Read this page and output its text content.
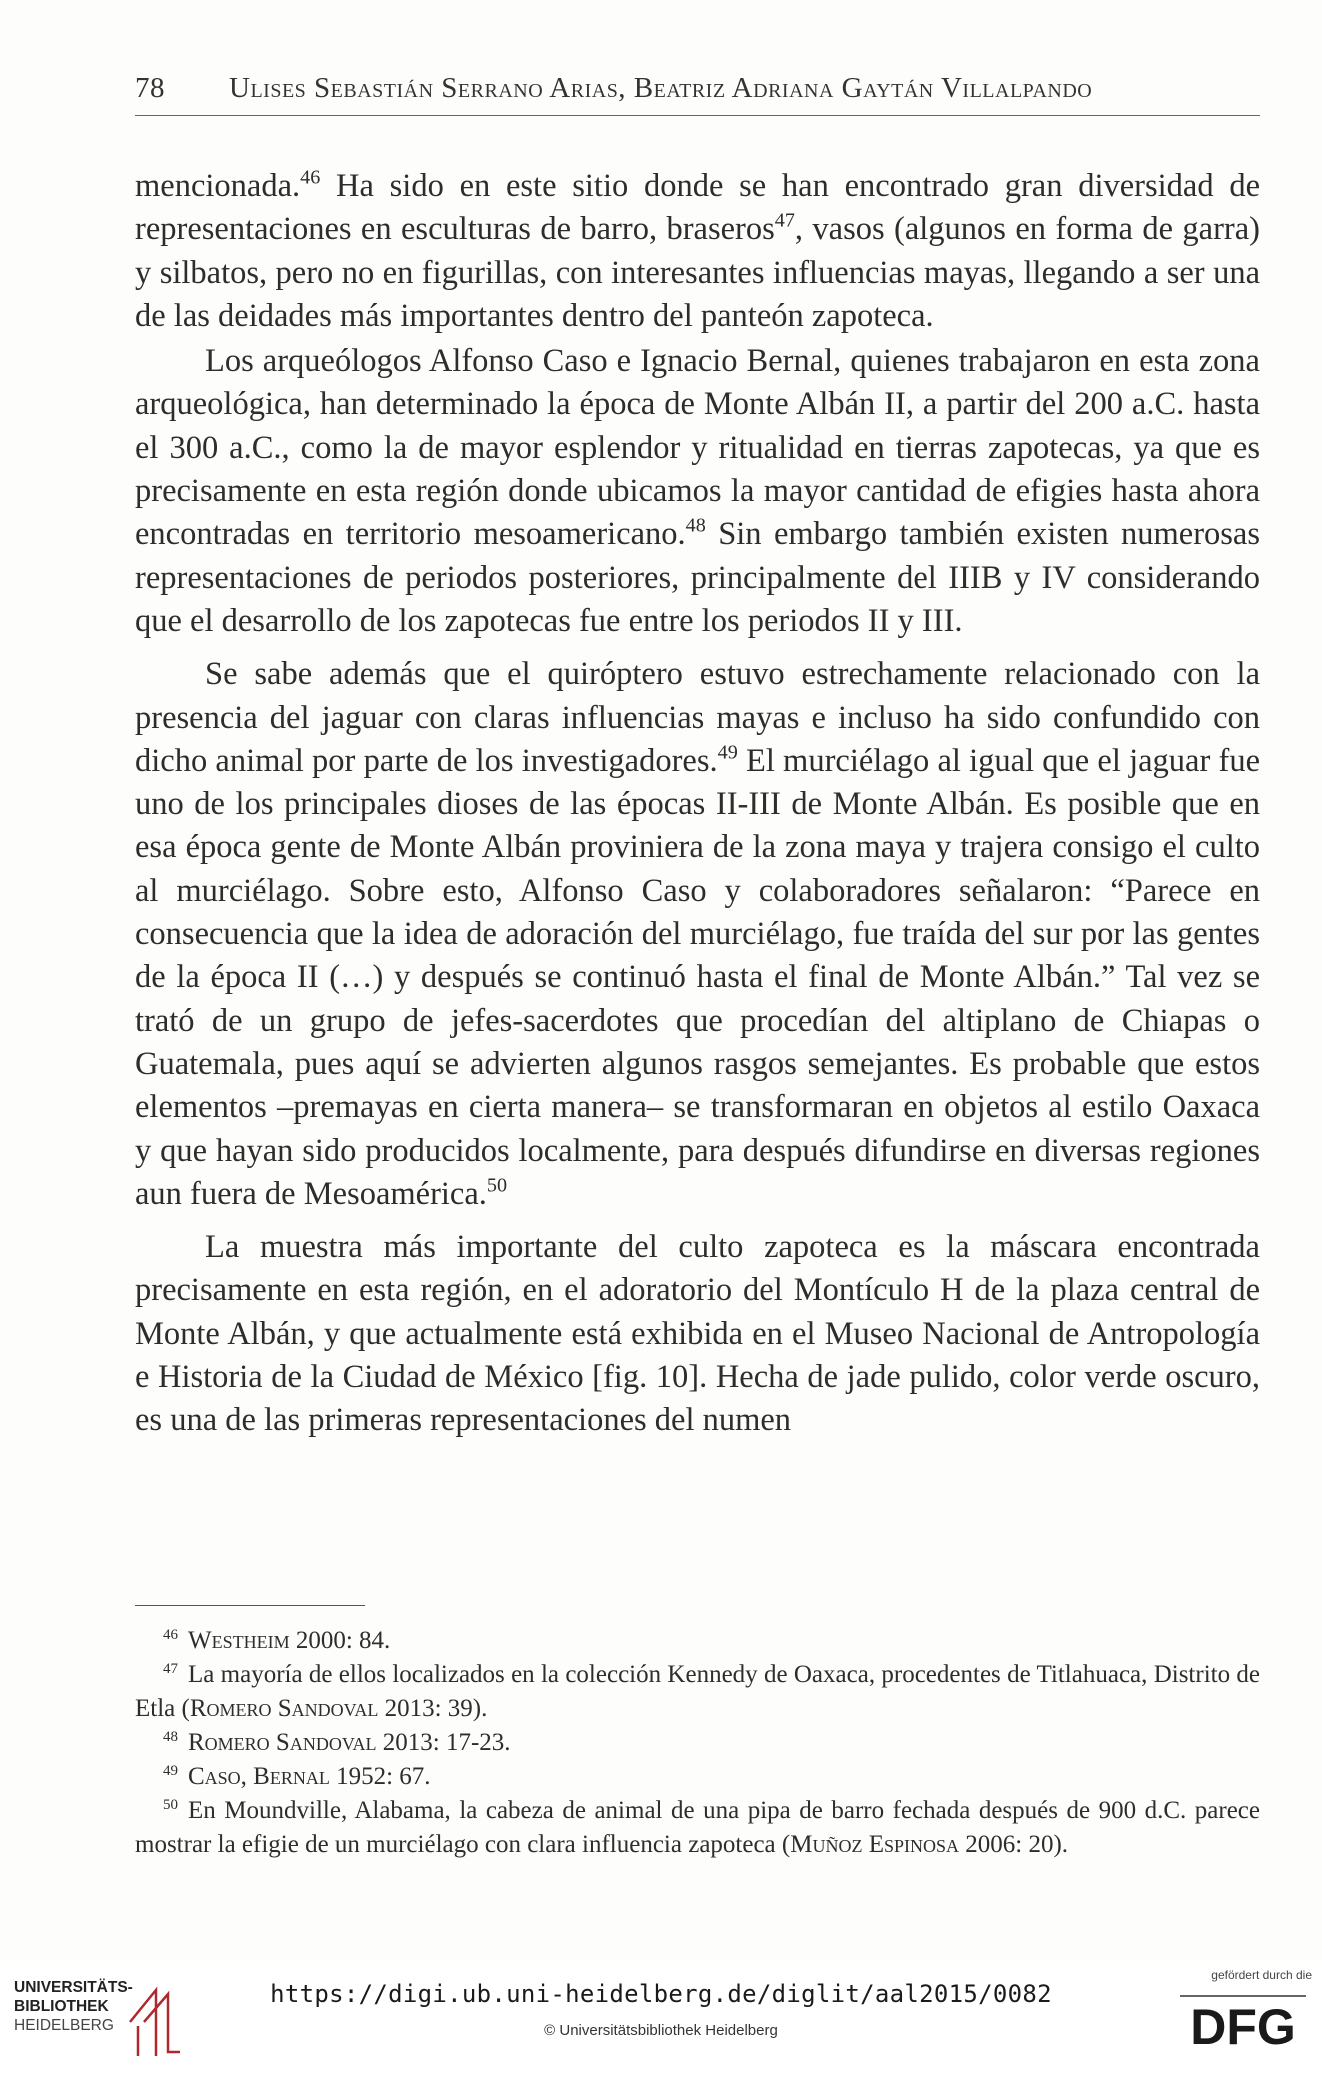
78 Ulises Sebastián Serrano Arias, Beatriz Adriana Gaytán Villalpando

mencionada.$^{46}$ Ha sido en este sitio donde se han encontrado gran diversidad de representaciones en esculturas de barro, braseros$^{47}$, vasos (algunos en forma de garra) y silbatos, pero no en figurillas, con interesantes influencias mayas, llegando a ser una de las deidades más importantes dentro del panteón zapoteca.

Los arqueólogos Alfonso Caso e Ignacio Bernal, quienes trabajaron en esta zona arqueológica, han determinado la época de Monte Albán II, a partir del 200 a.C. hasta el 300 a.C., como la de mayor esplendor y ritualidad en tierras zapotecas, ya que es precisamente en esta región donde ubicamos la mayor cantidad de efigies hasta ahora encontradas en territorio mesoamericano.$^{48}$ Sin embargo también existen numerosas representaciones de periodos posteriores, principalmente del IIIB y IV considerando que el desarrollo de los zapotecas fue entre los periodos II y III.

Se sabe además que el quiróptero estuvo estrechamente relacionado con la presencia del jaguar con claras influencias mayas e incluso ha sido confundido con dicho animal por parte de los investigadores.$^{49}$ El murciélago al igual que el jaguar fue uno de los principales dioses de las épocas II-III de Monte Albán. Es posible que en esa época gente de Monte Albán proviniera de la zona maya y trajera consigo el culto al murciélago. Sobre esto, Alfonso Caso y colaboradores señalaron: “Parece en consecuencia que la idea de adoración del murciélago, fue traída del sur por las gentes de la época II (…) y después se continuó hasta el final de Monte Albán.” Tal vez se trató de un grupo de jefes-sacerdotes que procedían del altiplano de Chiapas o Guatemala, pues aquí se advierten algunos rasgos semejantes. Es probable que estos elementos –premayas en cierta manera– se transformaran en objetos al estilo Oaxaca y que hayan sido producidos localmente, para después difundirse en diversas regiones aun fuera de Mesoamérica.$^{50}$

La muestra más importante del culto zapoteca es la máscara encontrada precisamente en esta región, en el adoratorio del Montículo H de la plaza central de Monte Albán, y que actualmente está exhibida en el Museo Nacional de Antropología e Historia de la Ciudad de México [fig. 10]. Hecha de jade pulido, color verde oscuro, es una de las primeras representaciones del numen

$^{46}$ Westheim 2000: 84.

$^{47}$ La mayoría de ellos localizados en la colección Kennedy de Oaxaca, procedentes de Titlahuaca, Distrito de Etla (Romero Sandoval 2013: 39).

$^{48}$ Romero Sandoval 2013: 17-23.

$^{49}$ Caso, Bernal 1952: 67.

$^{50}$ En Moundville, Alabama, la cabeza de animal de una pipa de barro fechada después de 900 d.C. parece mostrar la efigie de un murciélago con clara influencia zapoteca (Muñoz Espinosa 2006: 20).

UNIVERSITÄTS-
BIBLIOTHEK
HEIDELBERG
https://digi.ub.uni-heidelberg.de/diglit/aal2015/0082
© Universitätsbibliothek Heidelberg
gefördert durch die
DFG
